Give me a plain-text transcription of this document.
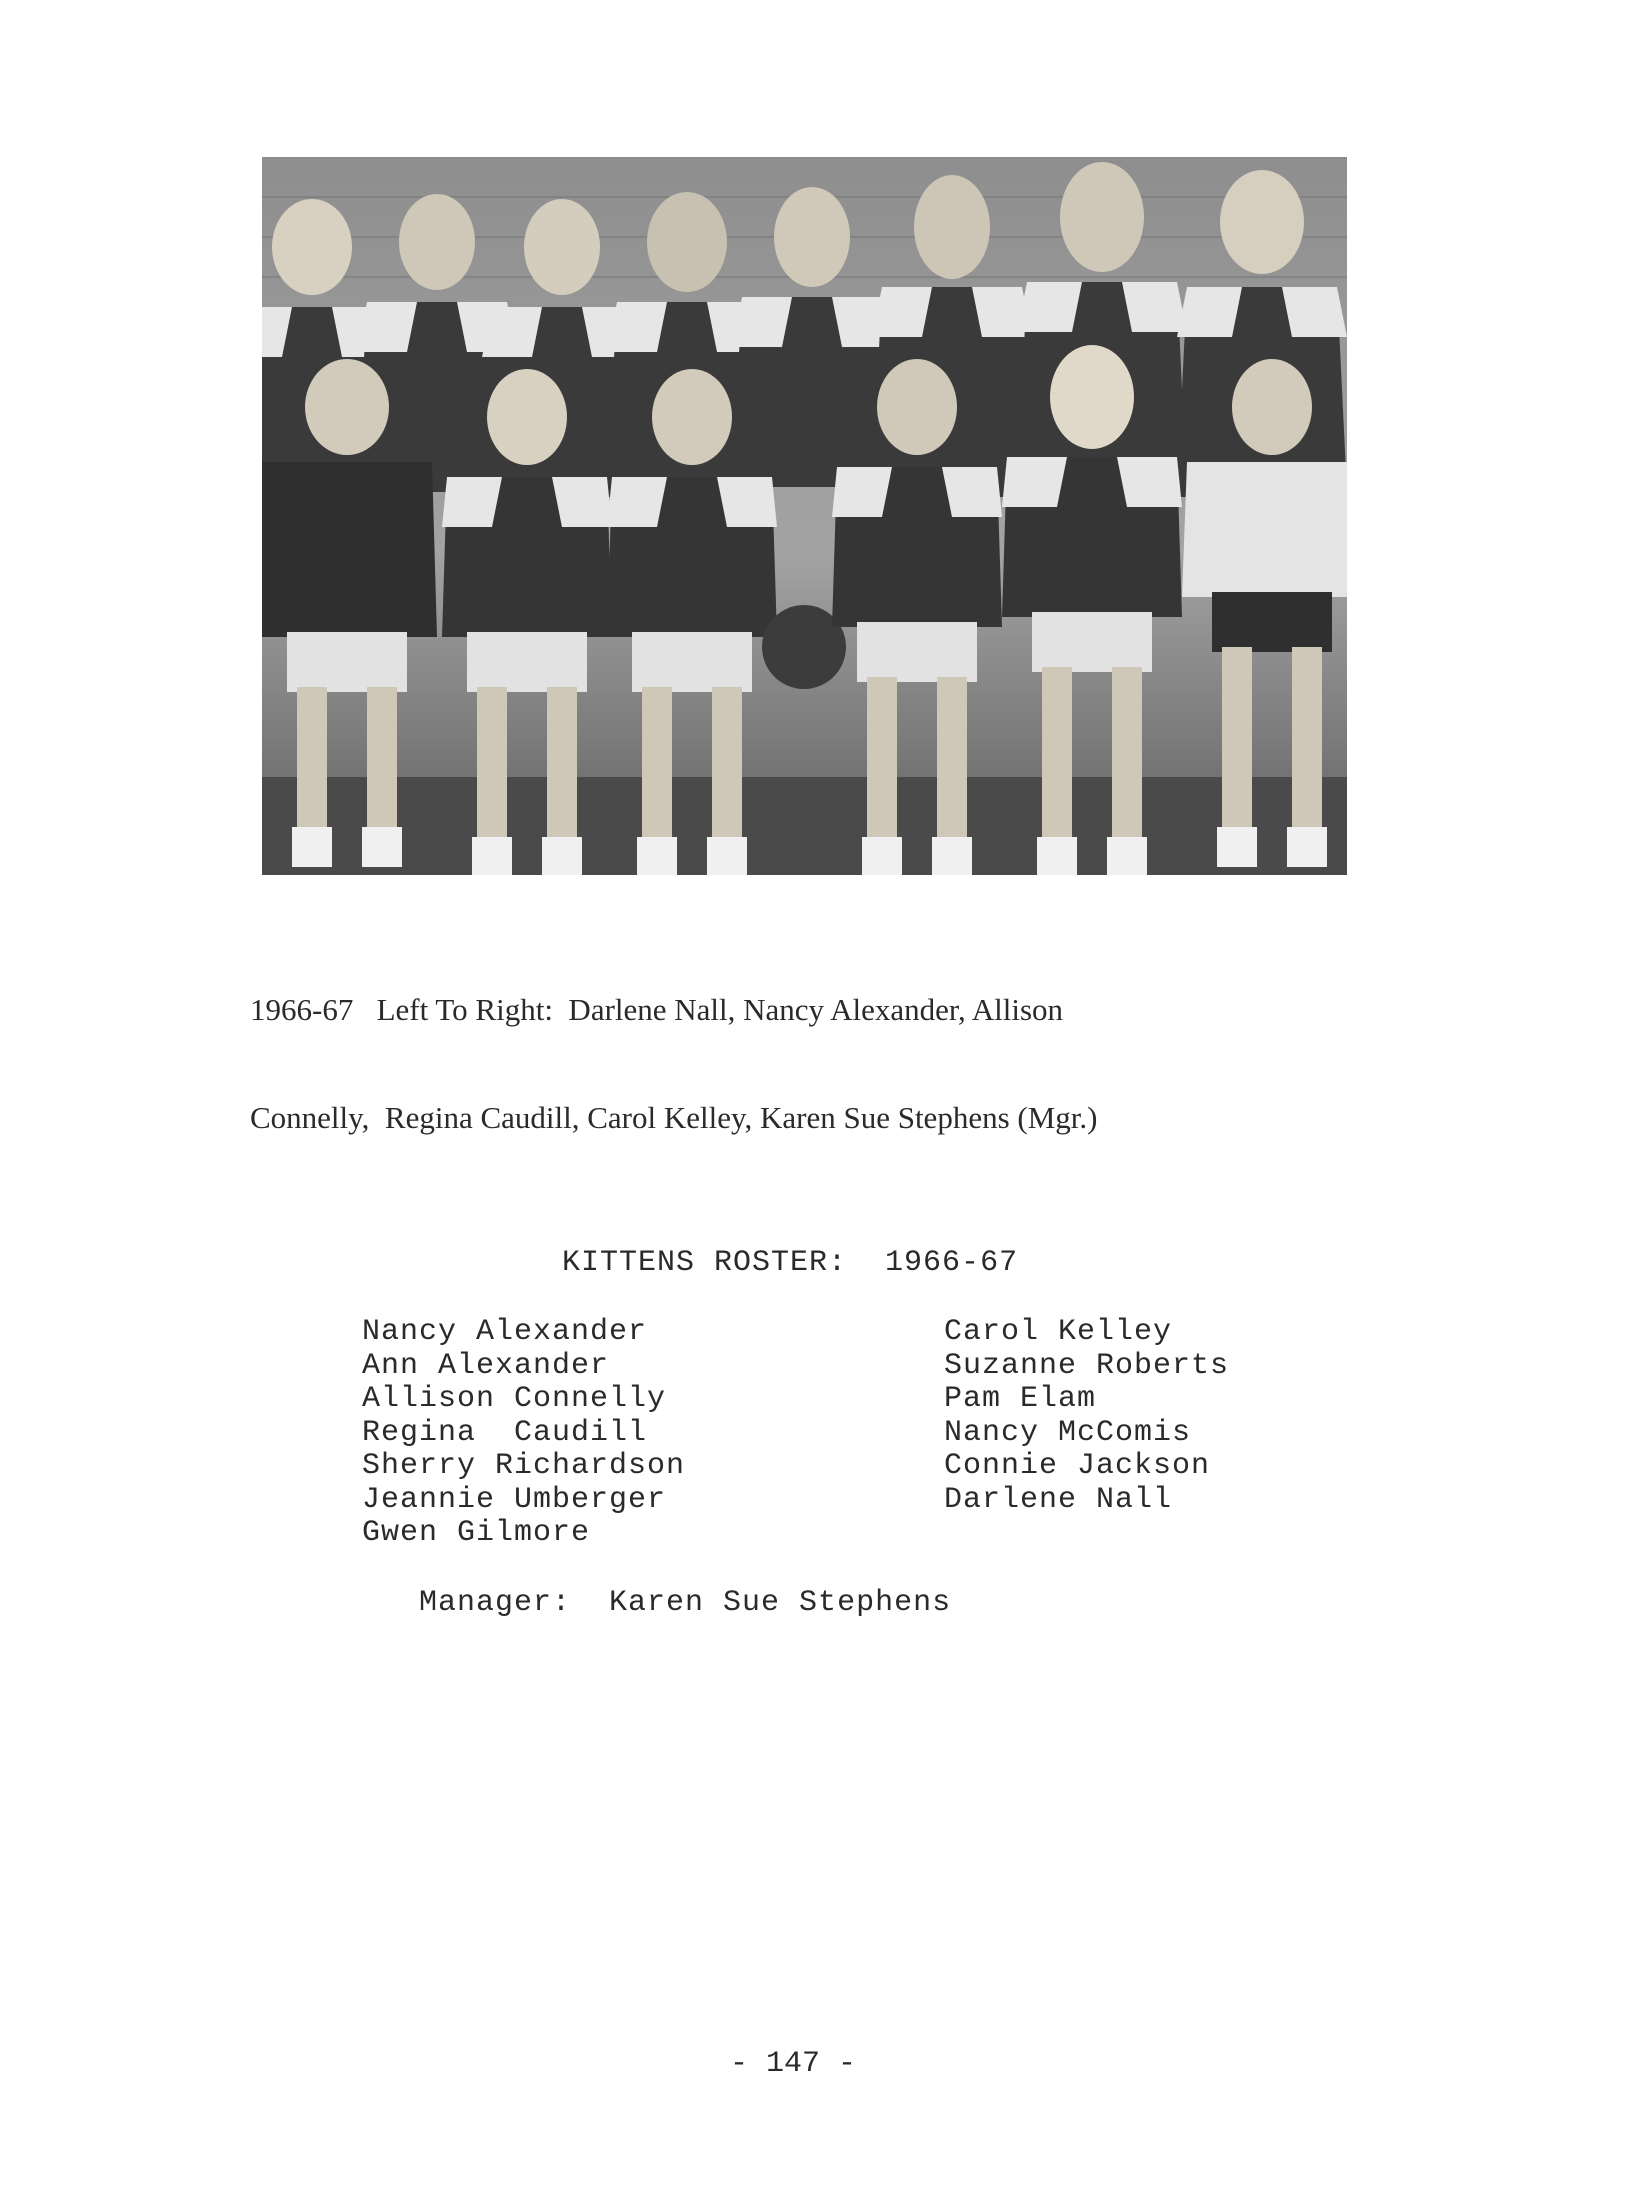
1966-67   Left To Right:  Darlene Nall, Nancy Alexander, Allison

Connelly,  Regina Caudill, Carol Kelley, Karen Sue Stephens (Mgr.)

KITTENS ROSTER:  1966-67
Nancy Alexander
Ann Alexander
Allison Connelly
Regina  Caudill
Sherry Richardson
Jeannie Umberger
Gwen Gilmore
Carol Kelley
Suzanne Roberts
Pam Elam
Nancy McComis
Connie Jackson
Darlene Nall
Manager:  Karen Sue Stephens
- 147 -
